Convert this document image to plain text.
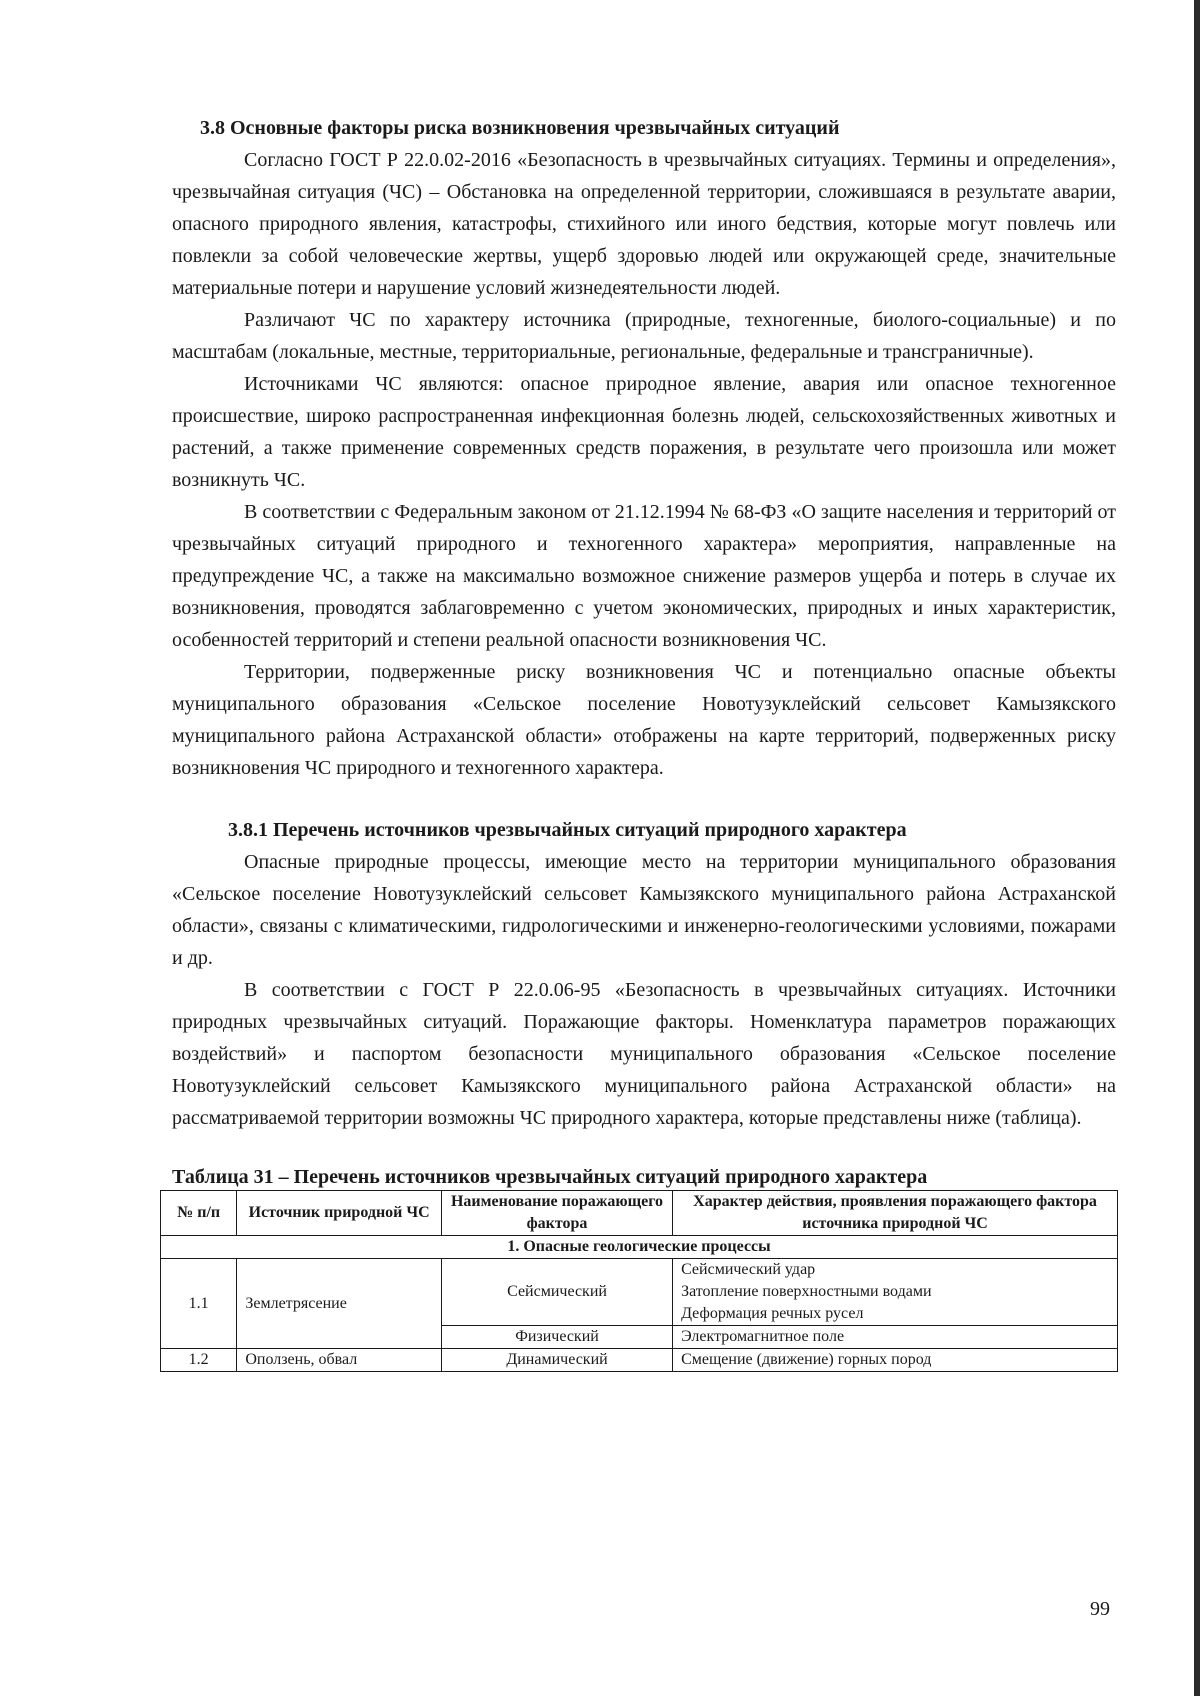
3.8 Основные факторы риска возникновения чрезвычайных ситуаций

Согласно ГОСТ Р 22.0.02-2016 «Безопасность в чрезвычайных ситуациях. Термины и определения», чрезвычайная ситуация (ЧС) – Обстановка на определенной территории, сложившаяся в результате аварии, опасного природного явления, катастрофы, стихийного или иного бедствия, которые могут повлечь или повлекли за собой человеческие жертвы, ущерб здоровью людей или окружающей среде, значительные материальные потери и нарушение условий жизнедеятельности людей.

Различают ЧС по характеру источника (природные, техногенные, биолого-социальные) и по масштабам (локальные, местные, территориальные, региональные, федеральные и трансграничные).

Источниками ЧС являются: опасное природное явление, авария или опасное техногенное происшествие, широко распространенная инфекционная болезнь людей, сельскохозяйственных животных и растений, а также применение современных средств поражения, в результате чего произошла или может возникнуть ЧС.

В соответствии с Федеральным законом от 21.12.1994 № 68-ФЗ «О защите населения и территорий от чрезвычайных ситуаций природного и техногенного характера» мероприятия, направленные на предупреждение ЧС, а также на максимально возможное снижение размеров ущерба и потерь в случае их возникновения, проводятся заблаговременно с учетом экономических, природных и иных характеристик, особенностей территорий и степени реальной опасности возникновения ЧС.

Территории, подверженные риску возникновения ЧС и потенциально опасные объекты муниципального образования «Сельское поселение Новотузуклейский сельсовет Камызякского муниципального района Астраханской области» отображены на карте территорий, подверженных риску возникновения ЧС природного и техногенного характера.

3.8.1 Перечень источников чрезвычайных ситуаций природного характера

Опасные природные процессы, имеющие место на территории муниципального образования «Сельское поселение Новотузуклейский сельсовет Камызякского муниципального района Астраханской области», связаны с климатическими, гидрологическими и инженерно-геологическими условиями, пожарами и др.

В соответствии с ГОСТ Р 22.0.06-95 «Безопасность в чрезвычайных ситуациях. Источники природных чрезвычайных ситуаций. Поражающие факторы. Номенклатура параметров поражающих воздействий» и паспортом безопасности муниципального образования «Сельское поселение Новотузуклейский сельсовет Камызякского муниципального района Астраханской области» на рассматриваемой территории возможны ЧС природного характера, которые представлены ниже (таблица).

Таблица 31 – Перечень источников чрезвычайных ситуаций природного характера
№ п/п	Источник природной ЧС	Наименование поражающего фактора	Характер действия, проявления поражающего фактора источника природной ЧС
1. Опасные геологические процессы			
1.1	Землетрясение	Сейсмический	Сейсмический удар
Затопление поверхностными водами
Деформация речных русел

		Физический	Электромагнитное поле
1.2	Оползень, обвал	Динамический	Смещение (движение) горных пород
99
